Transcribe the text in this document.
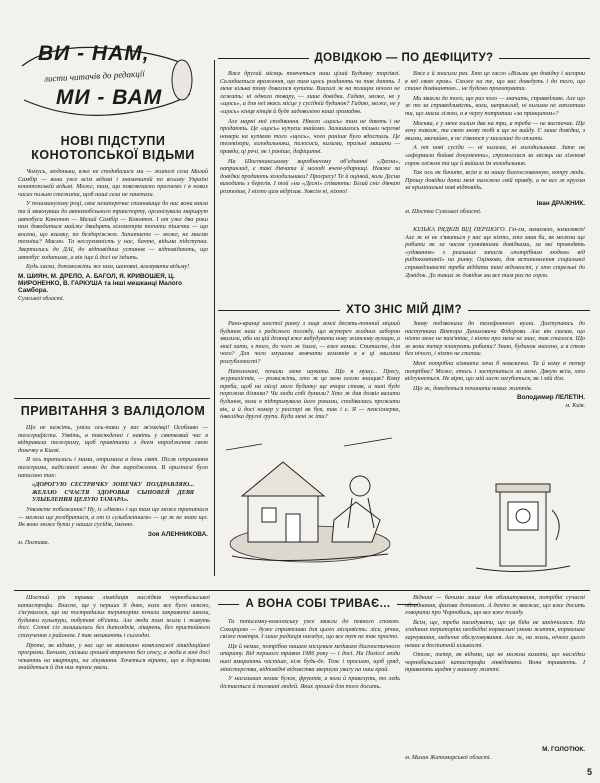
ВИ - НАМ,
листи читачів до редакції
МИ - ВАМ
НОВІ ПІДСТУПИ КОНОТОПСЬКОЇ ВІДЬМИ

Чомусь, людоньки, вже не сподобалися ми — жителі села Малий Самбір — вони уже всім відомі і знаменитій по всьому Україні конотопській відьмі. Може, тим, що повсякчасно прагнемо і в нових часах пильно стежити, щоб наші села не занепали.

У позаминулому році, своє незаперечне становище до нас вона взяла та й звикнувши до автомобільного транспорту, організувала маршрут автобуса Конотоп — Малий Самбір — Конотоп. І от уже два роки нам доводиться майже двадцять кілометрів топати пішечки — що восени, що взимку, по бездоріжжю. Запитаєте — може, не маємо техніки? Маємо. Та неслухняність у нас, бачте, відьма підступна. Звертались до ДАІ, до відповідних установ — відповідають, що автобус ходитиме, а він іще й досі не їздить.

Будь ласка, допоможіть же нам, шановні, вгамувати відьму!

М. ШИЯН, М. ДРЕЛО, А. БАГОЛ, Я. КРИВОШЕЯ, Ц. МИРОНЕНКО, В. ГАРКУША та інші мешканці Малого Самбора.

Сумської області.

ПРИВІТАННЯ З ВАЛІДОЛОМ

Що не кажіть, уміли ось-таки у нас зв'язківці! Особливо — телеграфісти. Уявіть, в повсякденні і навіть у святковий час я відправила телеграму, щоб привітати з днем народження свою донечку в Києві.

Я ось трапилась і мама, отримала в день свят. Після отримання телеграми, надісланої мною до дня народження. В оригіналі було написано так:

«ДОРОГУЮ СЕСТРИЧКУ ЗОНЕЧКУ ПОЗДРАВЛЯЮ... ЖЕЛАЮ СЧАСТЯ ЗДОРОВЬЯ СЫНОВЕЙ ДЕВЯ УЛЫБЛЕНИЯ ЦЕЛУЮ ТАМАРА».

Уявляєте побажання? Ну, із «дівою» і що там ще може трапитися — можна ще розібратися, а от із «улыбленнием» — це ж не знаю що. Як воно може бути у наших сусідів, іменно.

Зоя АЛЕННИКОВА.

м. Полтава.

ДОВІДКОЮ — ПО ДЕФІЦИТУ?

Вже другий місяць товчеться наш цілий Будинку торгівлі. Складається враження, що там щось роздають чи так дають. І мене кілька тому довелося купити. Взагалі ж на полицях нічого не лежить: ні одного товару, — лише довідки. Гадаю, може, не у «щось», а для неї якесь місце у сусідній будинок? Гадаю, може, не у «щось» кінця кінців й буде задоволено наші громадян.

Але марні мої сподівання. Нікого «щось» там не дають і не продають. Це «щось» купуєш знайомо. Залишилось тільки чергові номери на купівлю того «щось», чого раніше було вдосталь. Це телевізори, холодильники, пилососи, килими, пральні машини — правда, ці речі, як і раніше, дефіцитні.

На Шосткинському виробничому об'єднанні «Десна», наприклад, є такі дівчата й молоді вчені-ударниці. Невже за довідки продають холодильники? Прогресу! Те й оцінюй, коли Десна виходить з берегів. І той «на «Десні» співають: Білий сніг дівчат розтопив, І ніхто цим відрізав. Зовсім ні, ніхто!

Вже є й зносили раз. Хто це гасло «Візьми цю довідку і загорни в неї свою кров». Схоже на те, що нас доведуть і до того, що стане домінантою... не будемо проектувати.

Ми звикли до того, що раз чого — значить, справедливо. Але що ж то за справедливість, коли, наприклад, ні килима не заплатиш ти, що маєш ліжко, а в чергу потрапиш «за принципом»?

Москва, є у мене килим два на три, а треба — не вистачає. Ще хочу також, та свою знову тобі я ще не вийду. Є лише довідки, з якими, звичайно, я не з'явлюся у магазині до оплати.

А от нові сусіди — ні килима, ні холодильника. Зате ак «оформили бойові документи», спромоглися за місяць на ліжкові сорок оліжок та ще й вийшла їм холодильник.

Так ось як бачите, всім я за нашу благословенную, котру люди. Прошу довідки дати мені належно свій правду, а не все ж кругом за кримінальні нові відповідь.

Іван ДРАЖНИК.

м. Шостка Сумської області.

КІЛЬКА РЯДКІВ ВІД ПЕРШОГО. Гм-гм, замаляло, замалявся! Але ж ні не з'явиться у нас ще ніхто, хто знав би, як можна ще робити як за часом сумнівними довідками, за які проводять «удавання» з реальних запасів «потрібним людям» від радіокомпанії» на ринку. Оцінково, для встановлення соціальної справедливості треба віддати такі відомості, у хто стрельні до Довідок. До таких ж довідок ми все тим раз по горло.

ХТО ЗНІС МІЙ ДІМ?

Рано-вранці шостої ранку з лиця землі десять-тонний міцний будинок наш з радісного погляду, що всупереч жодних заборон звалили, аби на цій ділянці вже вибудувати нову житлову вулицю, а моєї хати, з того, до чого ж їхала, — вже немає. Спитаєте, для чого? Для чого змушена мовчати земляків я в ці хвилини розгубленості?

Наполохані, почали мене шукати. Що я мушу... Пресу, журналістів, — розкажіть, хто ж це мою оселю знищив? Кому треба, щоб на місці мого будинку ще вчора стояв, а нині буде порожня ділянка? Чи люди собі думали? Хто ж дав дозвіл валити будинок, коли я підтримувала його роками, сподівалась прожити вік, а й досі номер у реєстрі як був, так і є. Я — пенсіонерка, інвалідка другої групи. Куди мені ж іти?

Знову подзвонила до телефонного вузла. Доступаюсь до наступника Віктора Даниловича Фідорова. Але він сказав, що ніхто мене не пам'ятає, і ніхто про мене не знає, так сталося. Що ж вони тепер планують робити? Знаю, будинок знесено, а я стою без нічого, і ніхто не спитає.

Мені потрібна кімната хоча б невеличка. Та й кому я тепер потрібна? Може, хтось і заступиться за мене. Дякую всім, хто відгукнеться. Не вірю, що мій лист загубиться, як і мій дім.

Що ж, доведеться починати нових життів.

Володимир ЛЕЛЕТІН.

м. Київ.

А ВОНА СОБІ ТРИВАЄ...

Шостий рік триває ліквідація наслідків чорнобильської катастрофи. Власне, ще у перших її днях, коли все було неясно, з'ясувалося, що на пострадалих територіях почали закривати школи, будинки культури, побутові об'єкти. Але люди там жили і живуть досі. Сотні сіл залишились без дитсадків, лікарень, без пристойного сполучення з районом. І так мешкають і сьогодні.

Проте, як відомо, у нас ще не виконано комплексної ліквідаційної програми. Бачимо, скільки грошей втрачено без сенсу, а люди в зоні досі чекають на квартири, на лікування. Хочеться вірити, що в держави знайдеться й для них трохи уваги.

Та пописемну-комлекську уже звикли до певного спокою. Сокирцево — дуже сприятлива для цього місцевість: ліси, річки, свіже повітря. І лише радіація нагадує, що все тут не так просто.

Ще й немає, потрібна нашим місцевим медикам діагностичного апарату. Від першого травня 1986 року — і досі. На Поліссі люди нині вмирають частіше, ніж будь-де. Тож і просимо, щоб уряд, міністерства, відповідні відомства звернули увагу на наш край.

У магазинах немає булок, фруктів, а коли й привезуть, то ледь дістається й половині людей. Яких грошей для того досить.

Віднині — бачимо лише для облаштування, потрібні сучасні обладнання, фахова допомога. А дехто ж вважає, що вже досить говорити про Чорнобиль, що все вже позаду.

Всім, ще, треба нагадувати, що ця біда не закінчилася. На згаданих територіях необхідні нормальні умови життя, нормальне харчування, медичне обслуговування. Але ж, на жаль, нічого цього немає в достатній кількості.

Отож, тепер, як відомо, ще не можна казати, що наслідки чорнобильської катастрофи ліквідовано. Вони тривають. І тривають щодня у нашому житті.

М. ГОЛОТЮК.

м. Малин Житомирської області.

5
